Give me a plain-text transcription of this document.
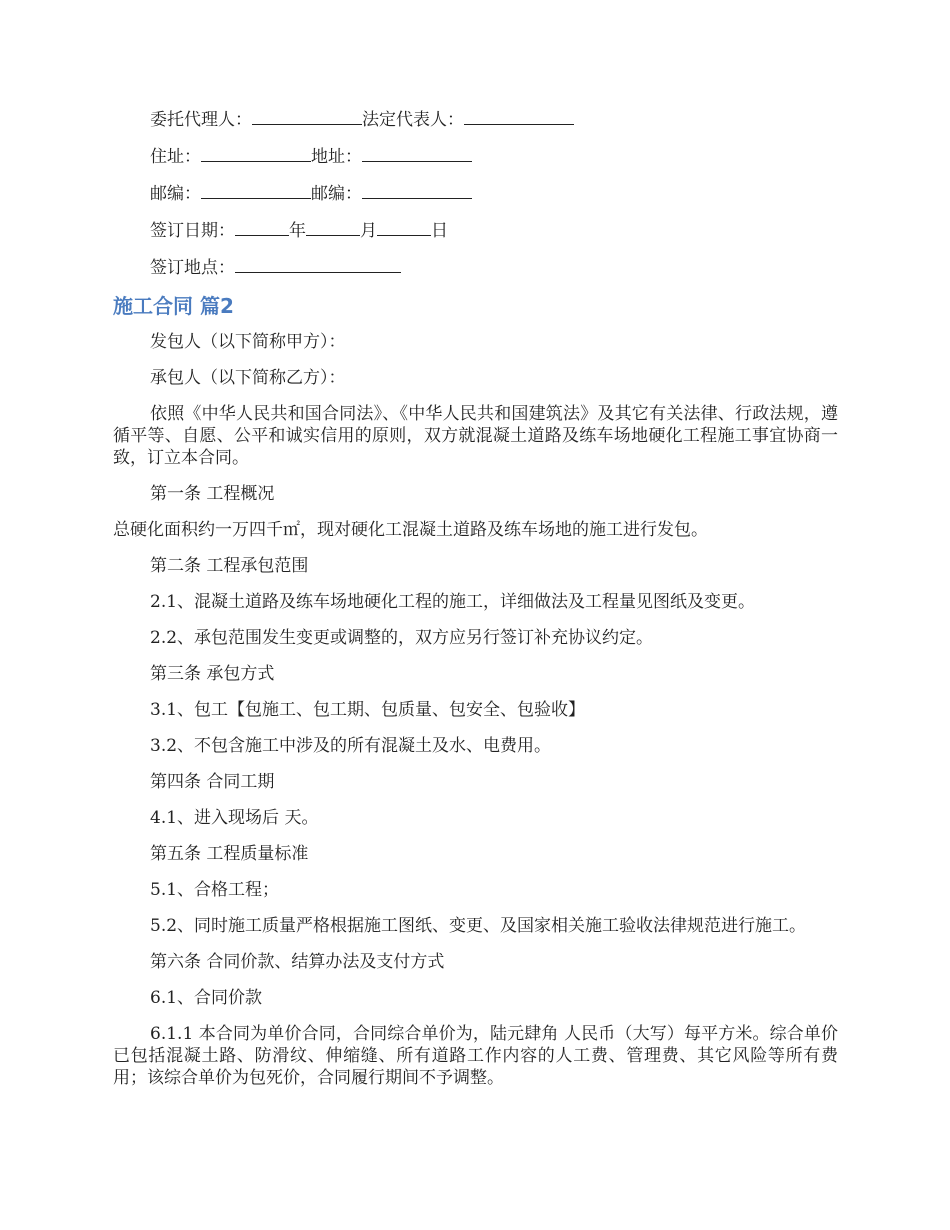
委托代理人：	法定代表人：
住址：	地址：
邮编：	邮编：
签订日期：	年	月	日
签订地点：
施工合同 篇2
发包人（以下简称甲方）：
承包人（以下简称乙方）：
依照《中华人民共和国合同法》、《中华人民共和国建筑法》及其它有关法律、行政法规，遵循平等、自愿、公平和诚实信用的原则，双方就混凝土道路及练车场地硬化工程施工事宜协商一致，订立本合同。
第一条 工程概况
总硬化面积约一万四千㎡，现对硬化工混凝土道路及练车场地的施工进行发包。
第二条 工程承包范围
2.1、混凝土道路及练车场地硬化工程的施工，详细做法及工程量见图纸及变更。
2.2、承包范围发生变更或调整的，双方应另行签订补充协议约定。
第三条 承包方式
3.1、包工【包施工、包工期、包质量、包安全、包验收】
3.2、不包含施工中涉及的所有混凝土及水、电费用。
第四条 合同工期
4.1、进入现场后 天。
第五条 工程质量标准
5.1、合格工程；
5.2、同时施工质量严格根据施工图纸、变更、及国家相关施工验收法律规范进行施工。
第六条 合同价款、结算办法及支付方式
6.1、合同价款
6.1.1 本合同为单价合同，合同综合单价为，陆元肆角 人民币（大写）每平方米。综合单价已包括混凝土路、防滑纹、伸缩缝、所有道路工作内容的人工费、管理费、其它风险等所有费用；该综合单价为包死价，合同履行期间不予调整。
